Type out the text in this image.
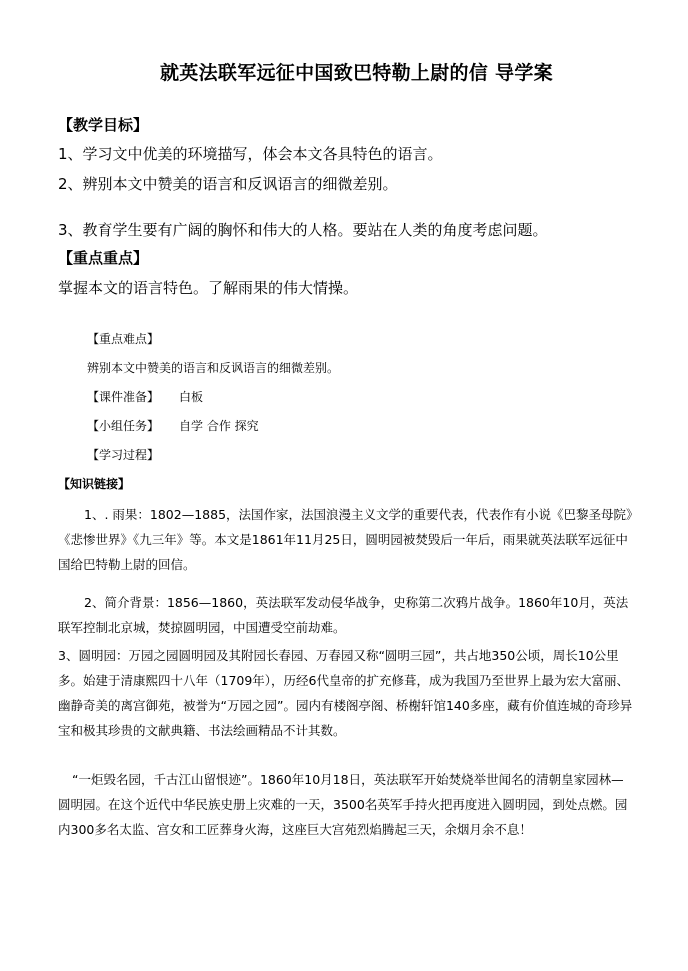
就英法联军远征中国致巴特勒上尉的信 导学案
【教学目标】
1、学习文中优美的环境描写，体会本文各具特色的语言。
2、辨别本文中赞美的语言和反讽语言的细微差别。
3、教育学生要有广阔的胸怀和伟大的人格。要站在人类的角度考虑问题。
【重点重点】
掌握本文的语言特色。了解雨果的伟大情操。
【重点难点】
辨别本文中赞美的语言和反讽语言的细微差别。
【课件准备】 白板
【小组任务】 自学 合作 探究
【学习过程】
【知识链接】
1、. 雨果：1802—1885，法国作家，法国浪漫主义文学的重要代表，代表作有小说《巴黎圣母院》《悲惨世界》《九三年》等。本文是1861年11月25日，圆明园被焚毁后一年后，雨果就英法联军远征中国给巴特勒上尉的回信。
2、简介背景：1856—1860，英法联军发动侵华战争，史称第二次鸦片战争。1860年10月，英法联军控制北京城，焚掠圆明园，中国遭受空前劫难。
3、圆明园：万园之园圆明园及其附园长春园、万春园又称“圆明三园”，共占地350公顷，周长10公里多。始建于清康熙四十八年（1709年），历经6代皇帝的扩充修葺，成为我国乃至世界上最为宏大富丽、幽静奇美的离宫御苑，被誉为“万园之园”。园内有楼阁亭阁、桥榭轩馆140多座，藏有价值连城的奇珍异宝和极其珍贵的文献典籍、书法绘画精品不计其数。
“一炬毁名园，千古江山留恨迹”。1860年10月18日，英法联军开始焚烧举世闻名的清朝皇家园林—圆明园。在这个近代中华民族史册上灾难的一天，3500名英军手持火把再度进入圆明园，到处点燃。园内300多名太监、宫女和工匠葬身火海，这座巨大宫苑烈焰腾起三天，余烟月余不息！
